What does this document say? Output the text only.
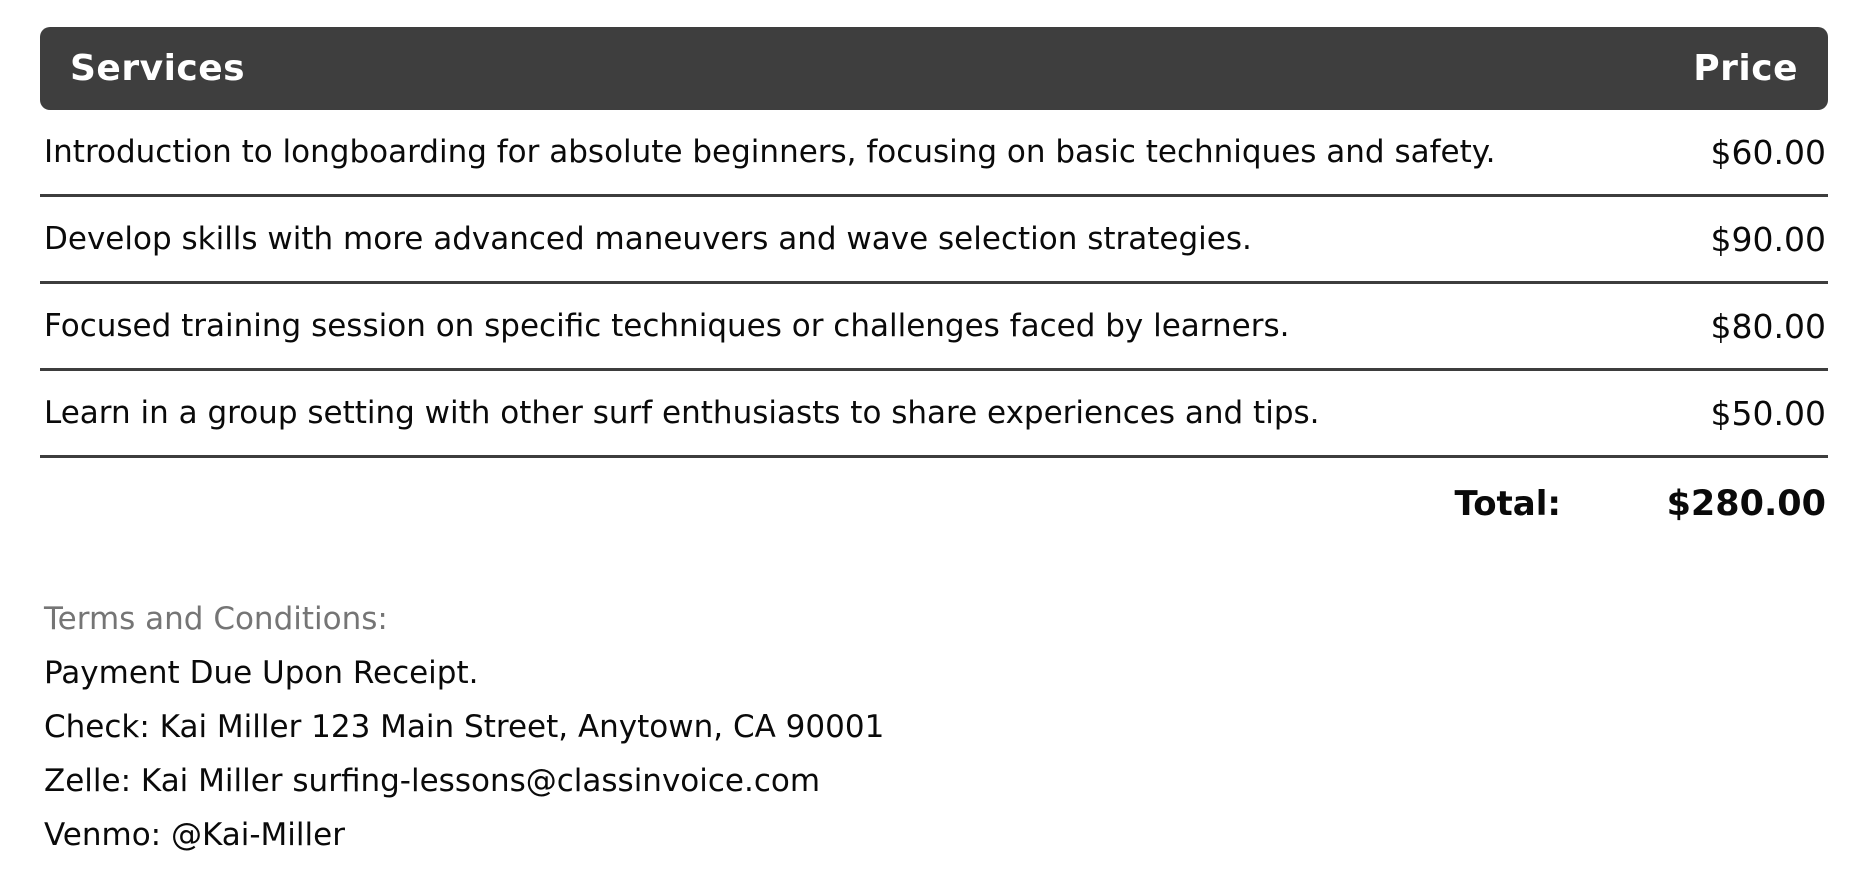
Services	Price
Introduction to longboarding for absolute beginners, focusing on basic techniques and safety.	$60.00
Develop skills with more advanced maneuvers and wave selection strategies.	$90.00
Focused training session on specific techniques or challenges faced by learners.	$80.00
Learn in a group setting with other surf enthusiasts to share experiences and tips.	$50.00
Total:	$280.00
Terms and Conditions:
Payment Due Upon Receipt.
Check: Kai Miller 123 Main Street, Anytown, CA 90001
Zelle: Kai Miller surfing-lessons@classinvoice.com
Venmo: @Kai-Miller
